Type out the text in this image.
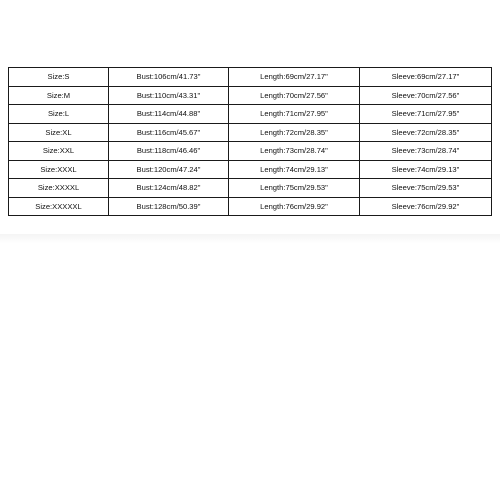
Size:S	Bust:106cm/41.73"	Length:69cm/27.17"	Sleeve:69cm/27.17"
Size:M	Bust:110cm/43.31"	Length:70cm/27.56"	Sleeve:70cm/27.56"
Size:L	Bust:114cm/44.88"	Length:71cm/27.95"	Sleeve:71cm/27.95"
Size:XL	Bust:116cm/45.67"	Length:72cm/28.35"	Sleeve:72cm/28.35"
Size:XXL	Bust:118cm/46.46"	Length:73cm/28.74"	Sleeve:73cm/28.74"
Size:XXXL	Bust:120cm/47.24"	Length:74cm/29.13"	Sleeve:74cm/29.13"
Size:XXXXL	Bust:124cm/48.82"	Length:75cm/29.53"	Sleeve:75cm/29.53"
Size:XXXXXL	Bust:128cm/50.39"	Length:76cm/29.92"	Sleeve:76cm/29.92"
